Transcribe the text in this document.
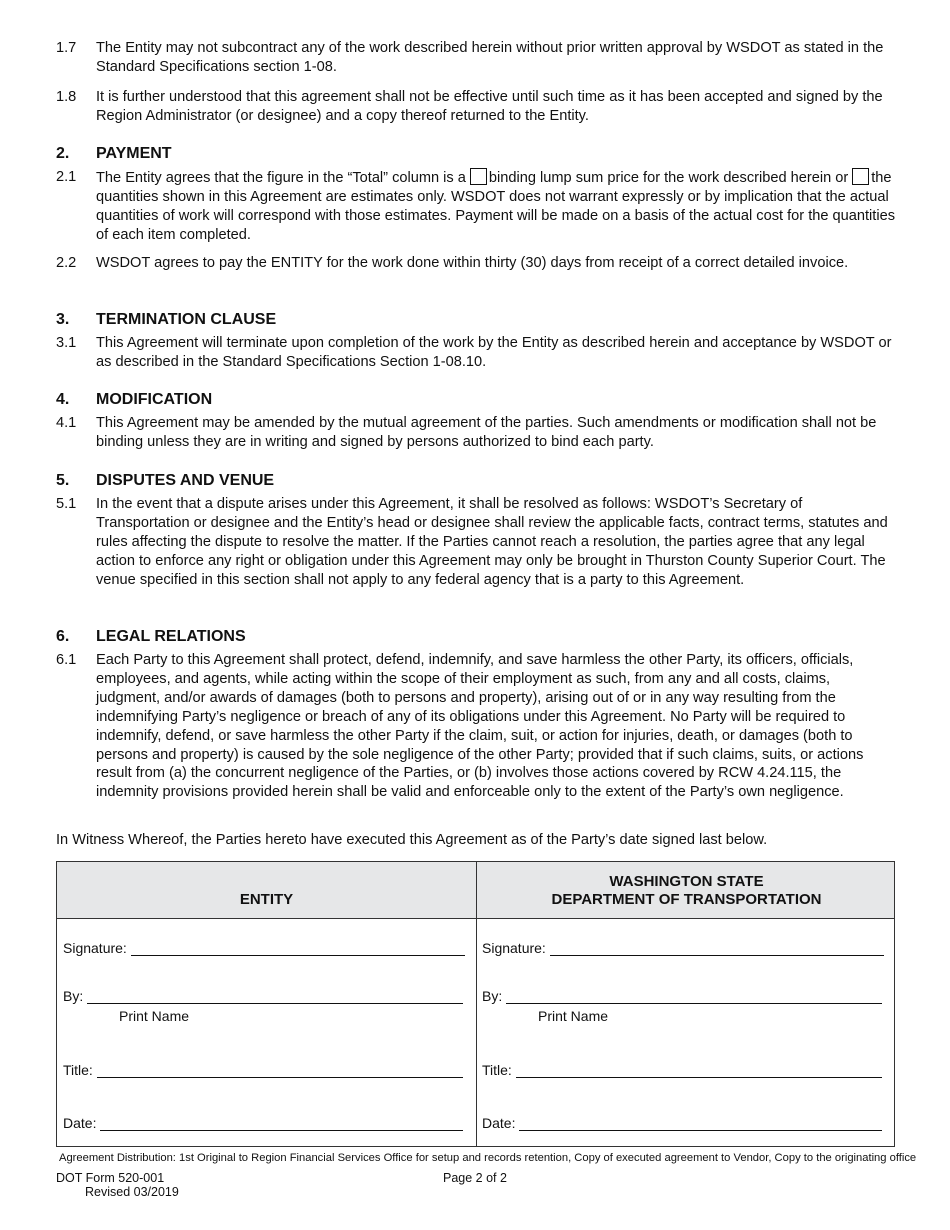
1.7 The Entity may not subcontract any of the work described herein without prior written approval by WSDOT as stated in the Standard Specifications section 1-08.
1.8 It is further understood that this agreement shall not be effective until such time as it has been accepted and signed by the Region Administrator (or designee) and a copy thereof returned to the Entity.
2. PAYMENT
2.1 The Entity agrees that the figure in the “Total” column is a binding lump sum price for the work described herein or the quantities shown in this Agreement are estimates only. WSDOT does not warrant expressly or by implication that the actual quantities of work will correspond with those estimates. Payment will be made on a basis of the actual cost for the quantities of each item completed.
2.2 WSDOT agrees to pay the ENTITY for the work done within thirty (30) days from receipt of a correct detailed invoice.
3. TERMINATION CLAUSE
3.1 This Agreement will terminate upon completion of the work by the Entity as described herein and acceptance by WSDOT or as described in the Standard Specifications Section 1-08.10.
4. MODIFICATION
4.1 This Agreement may be amended by the mutual agreement of the parties. Such amendments or modification shall not be binding unless they are in writing and signed by persons authorized to bind each party.
5. DISPUTES AND VENUE
5.1 In the event that a dispute arises under this Agreement, it shall be resolved as follows: WSDOT’s Secretary of Transportation or designee and the Entity’s head or designee shall review the applicable facts, contract terms, statutes and rules affecting the dispute to resolve the matter. If the Parties cannot reach a resolution, the parties agree that any legal action to enforce any right or obligation under this Agreement may only be brought in Thurston County Superior Court. The venue specified in this section shall not apply to any federal agency that is a party to this Agreement.
6. LEGAL RELATIONS
6.1 Each Party to this Agreement shall protect, defend, indemnify, and save harmless the other Party, its officers, officials, employees, and agents, while acting within the scope of their employment as such, from any and all costs, claims, judgment, and/or awards of damages (both to persons and property), arising out of or in any way resulting from the indemnifying Party’s negligence or breach of any of its obligations under this Agreement. No Party will be required to indemnify, defend, or save harmless the other Party if the claim, suit, or action for injuries, death, or damages (both to persons and property) is caused by the sole negligence of the other Party; provided that if such claims, suits, or actions result from (a) the concurrent negligence of the Parties, or (b) involves those actions covered by RCW 4.24.115, the indemnity provisions provided herein shall be valid and enforceable only to the extent of the Party’s own negligence.
In Witness Whereof, the Parties hereto have executed this Agreement as of the Party’s date signed last below.
ENTITY
WASHINGTON STATE
DEPARTMENT OF TRANSPORTATION
Signature:
By:
Print Name
Title:
Date:
Signature:
By:
Print Name
Title:
Date:
Agreement Distribution: 1st Original to Region Financial Services Office for setup and records retention, Copy of executed agreement to Vendor, Copy to the originating office
DOT Form 520-001
Revised 03/2019
Page 2 of 2
